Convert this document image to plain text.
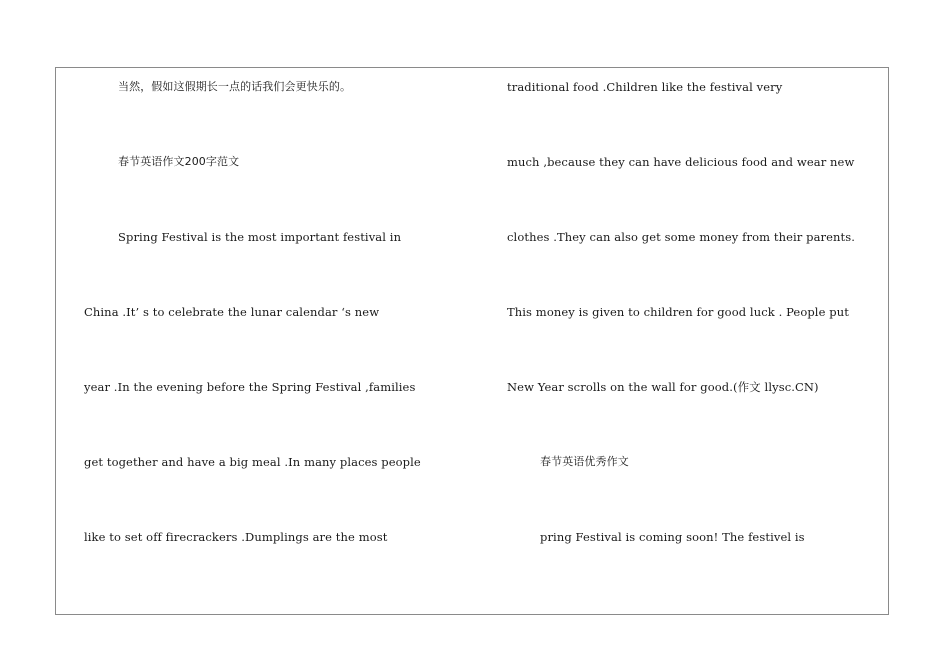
当然，假如这假期长一点的话我们会更快乐的。
春节英语作文200字范文
Spring Festival is the most important festival in
China .It’ s to celebrate the lunar calendar ‘s new
year .In the evening before the Spring Festival ,families
get together and have a big meal .In many places people
like to set off firecrackers .Dumplings are the most
traditional food .Children like the festival very
much ,because they can have delicious food and wear new
clothes .They can also get some money from their parents.
This money is given to children for good luck . People put
New Year scrolls on the wall for good.(作文 llysc.CN)
春节英语优秀作文
pring Festival is coming soon! The festivel is
